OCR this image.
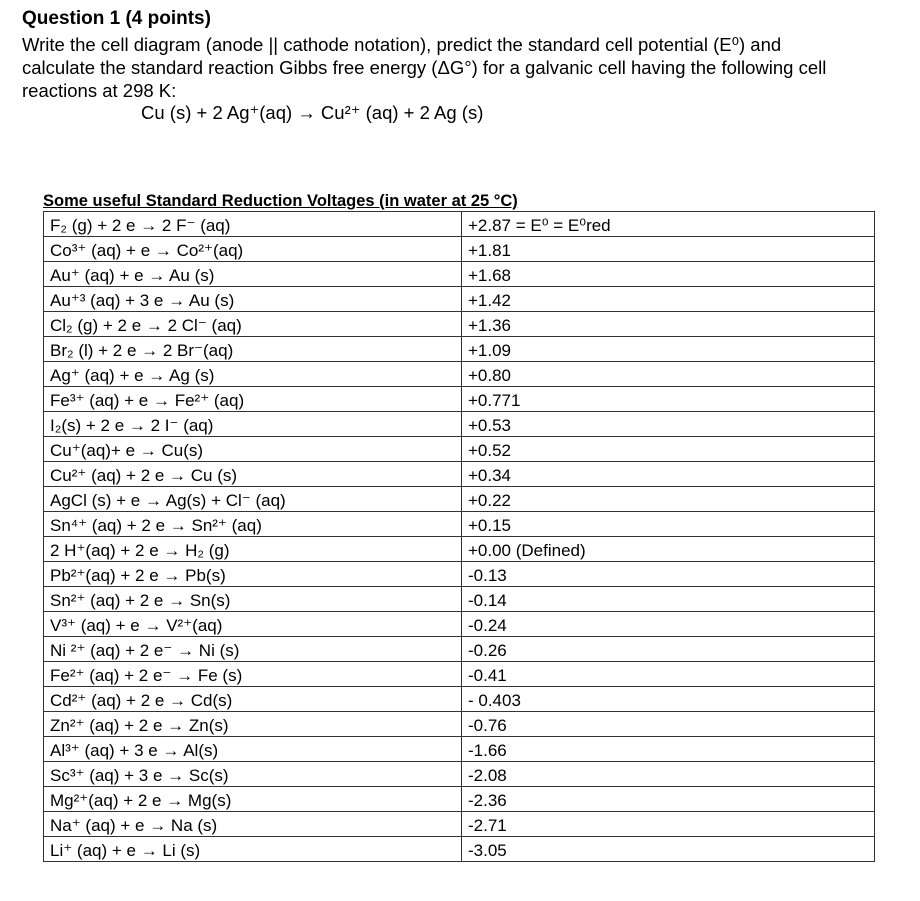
Question 1 (4 points)
Write the cell diagram (anode || cathode notation), predict the standard cell potential (E⁰) and
calculate the standard reaction Gibbs free energy (ΔG°) for a galvanic cell having the following cell
reactions at 298 K:
Cu (s) + 2 Ag⁺(aq) → Cu²⁺ (aq) + 2 Ag (s)
Some useful Standard Reduction Voltages (in water at 25 °C)
F₂ (g) + 2 e → 2 F⁻ (aq)	+2.87 = E⁰ = E⁰red
Co³⁺ (aq) + e → Co²⁺(aq)	+1.81
Au⁺ (aq) + e → Au (s)	+1.68
Au⁺³ (aq) + 3 e → Au (s)	+1.42
Cl₂ (g) + 2 e → 2 Cl⁻ (aq)	+1.36
Br₂ (l) + 2 e → 2 Br⁻(aq)	+1.09
Ag⁺ (aq) + e → Ag (s)	+0.80
Fe³⁺ (aq) + e → Fe²⁺ (aq)	+0.771
I₂(s) + 2 e → 2 I⁻ (aq)	+0.53
Cu⁺(aq)+ e → Cu(s)	+0.52
Cu²⁺ (aq) + 2 e → Cu (s)	+0.34
AgCl (s) + e → Ag(s) + Cl⁻ (aq)	+0.22
Sn⁴⁺ (aq) + 2 e → Sn²⁺ (aq)	+0.15
2 H⁺(aq) + 2 e → H₂ (g)	+0.00 (Defined)
Pb²⁺(aq) + 2 e → Pb(s)	-0.13
Sn²⁺ (aq) + 2 e → Sn(s)	-0.14
V³⁺ (aq) + e → V²⁺(aq)	-0.24
Ni ²⁺ (aq) + 2 e⁻ → Ni (s)	-0.26
Fe²⁺ (aq) + 2 e⁻ → Fe (s)	-0.41
Cd²⁺ (aq) + 2 e → Cd(s)	- 0.403
Zn²⁺ (aq) + 2 e → Zn(s)	-0.76
Al³⁺ (aq) + 3 e → Al(s)	-1.66
Sc³⁺ (aq) + 3 e → Sc(s)	-2.08
Mg²⁺(aq) + 2 e → Mg(s)	-2.36
Na⁺ (aq) + e → Na (s)	-2.71
Li⁺ (aq) + e → Li (s)	-3.05
